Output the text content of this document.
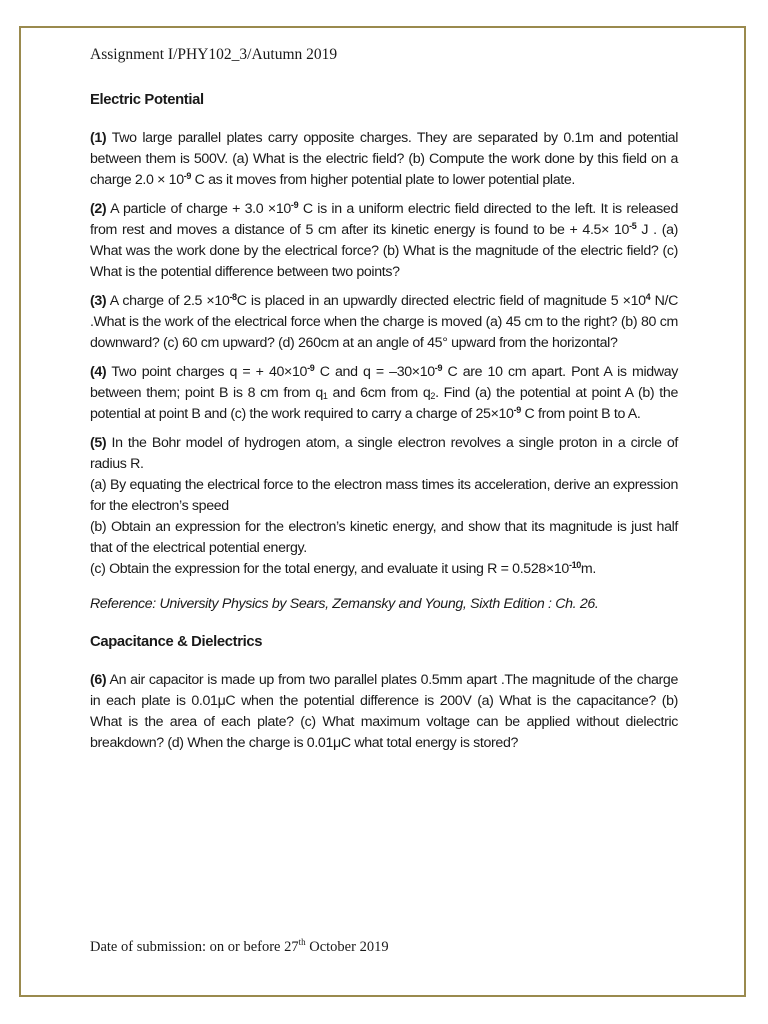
Assignment I/PHY102_3/Autumn 2019
Electric Potential

(1) Two large parallel plates carry opposite charges. They are separated by 0.1m and potential between them is 500V. (a) What is the electric field? (b) Compute the work done by this field on a charge $2.0 \times 10^{-9}$ C as it moves from higher potential plate to lower potential plate.

(2) A particle of charge + $3.0 \times 10^{-9}$ C is in a uniform electric field directed to the left. It is released from rest and moves a distance of 5 cm after its kinetic energy is found to be + $4.5\times 10^{-5}$ J . (a) What was the work done by the electrical force? (b) What is the magnitude of the electric field? (c) What is the potential difference between two points?

(3) A charge of $2.5 \times 10^{-8}C$ is placed in an upwardly directed electric field of magnitude $5 \times 10^4$ N/C .What is the work of the electrical force when the charge is moved (a) 45 cm to the right? (b) 80 cm downward? (c) 60 cm upward? (d) 260cm at an angle of 45° upward from the horizontal?

(4) Two point charges q = + $40\times 10^{-9}$ C and $q = -30\times 10^{-9}$ C are 10 cm apart. Pont A is midway between them; point B is 8 cm from $q_1$ and 6cm from $q_2$. Find (a) the potential at point A (b) the potential at point B and (c) the work required to carry a charge of $25\times 10^{-9}$ C from point B to A.

(5) In the Bohr model of hydrogen atom, a single electron revolves a single proton in a circle of radius R.

(a) By equating the electrical force to the electron mass times its acceleration, derive an expression for the electron’s speed

(b) Obtain an expression for the electron’s kinetic energy, and show that its magnitude is just half that of the electrical potential energy.

(c) Obtain the expression for the total energy, and evaluate it using $R = 0.528\times 10^{-10}m$.

Reference: University Physics by Sears, Zemansky and Young, Sixth Edition : Ch. 26.

Capacitance & Dielectrics

(6) An air capacitor is made up from two parallel plates 0.5mm apart .The magnitude of the charge in each plate is 0.01μC when the potential difference is 200V (a) What is the capacitance? (b) What is the area of each plate? (c) What maximum voltage can be applied without dielectric breakdown? (d) When the charge is 0.01μC what total energy is stored?

Date of submission: on or before 27th October 2019
